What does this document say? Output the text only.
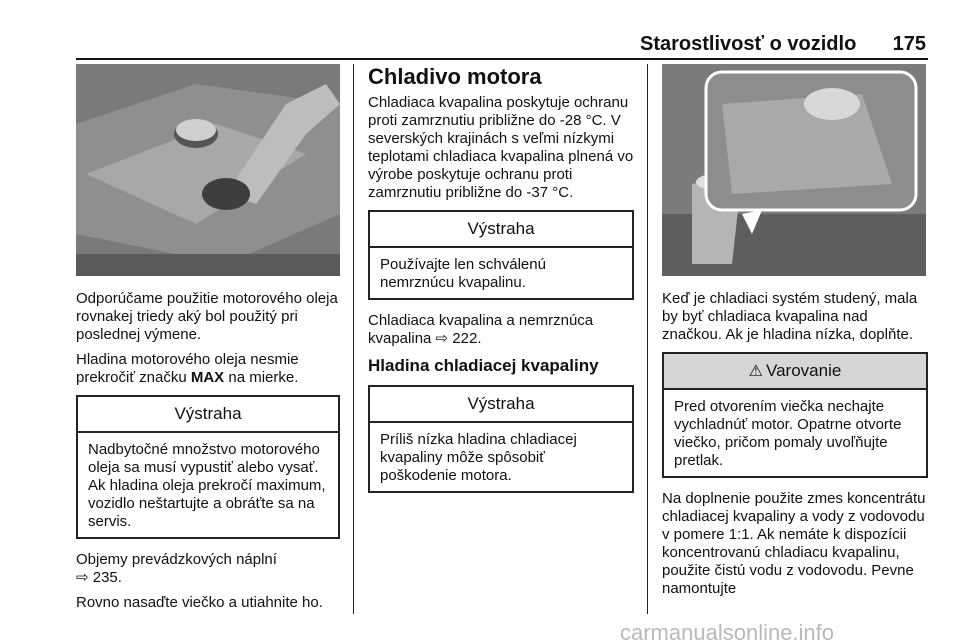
Starostlivosť o vozidlo 175

Odporúčame použitie motorového oleja rovnakej triedy aký bol použitý pri poslednej výmene.

Hladina motorového oleja nesmie prekročiť značku MAX na mierke.

Výstraha
Nadbytočné množstvo motorového oleja sa musí vypustiť alebo vysať. Ak hladina oleja prekročí maximum, vozidlo neštartujte a obráťte sa na servis.

Objemy prevádzkových náplní
⇨ 235.

Rovno nasaďte viečko a utiahnite ho.

Chladivo motora

Chladiaca kvapalina poskytuje ochranu proti zamrznutiu približne do -28 °C. V severských krajinách s veľmi nízkymi teplotami chladiaca kvapalina plnená vo výrobe poskytuje ochranu proti zamrznutiu približne do -37 °C.

Výstraha
Používajte len schválenú nemrznúcu kvapalinu.

Chladiaca kvapalina a nemrznúca kvapalina ⇨ 222.

Hladina chladiacej kvapaliny
Výstraha
Príliš nízka hladina chladiacej kvapaliny môže spôsobiť poškodenie motora.

Keď je chladiaci systém studený, mala by byť chladiaca kvapalina nad značkou. Ak je hladina nízka, doplňte.

⚠ Varovanie
Pred otvorením viečka nechajte vychladnúť motor. Opatrne otvorte viečko, pričom pomaly uvoľňujte pretlak.

Na doplnenie použite zmes koncentrátu chladiacej kvapaliny a vody z vodovodu v pomere 1:1. Ak nemáte k dispozícii koncentrovanú chladiacu kvapalinu, použite čistú vodu z vodovodu. Pevne namontujte

carmanualsonline.info
